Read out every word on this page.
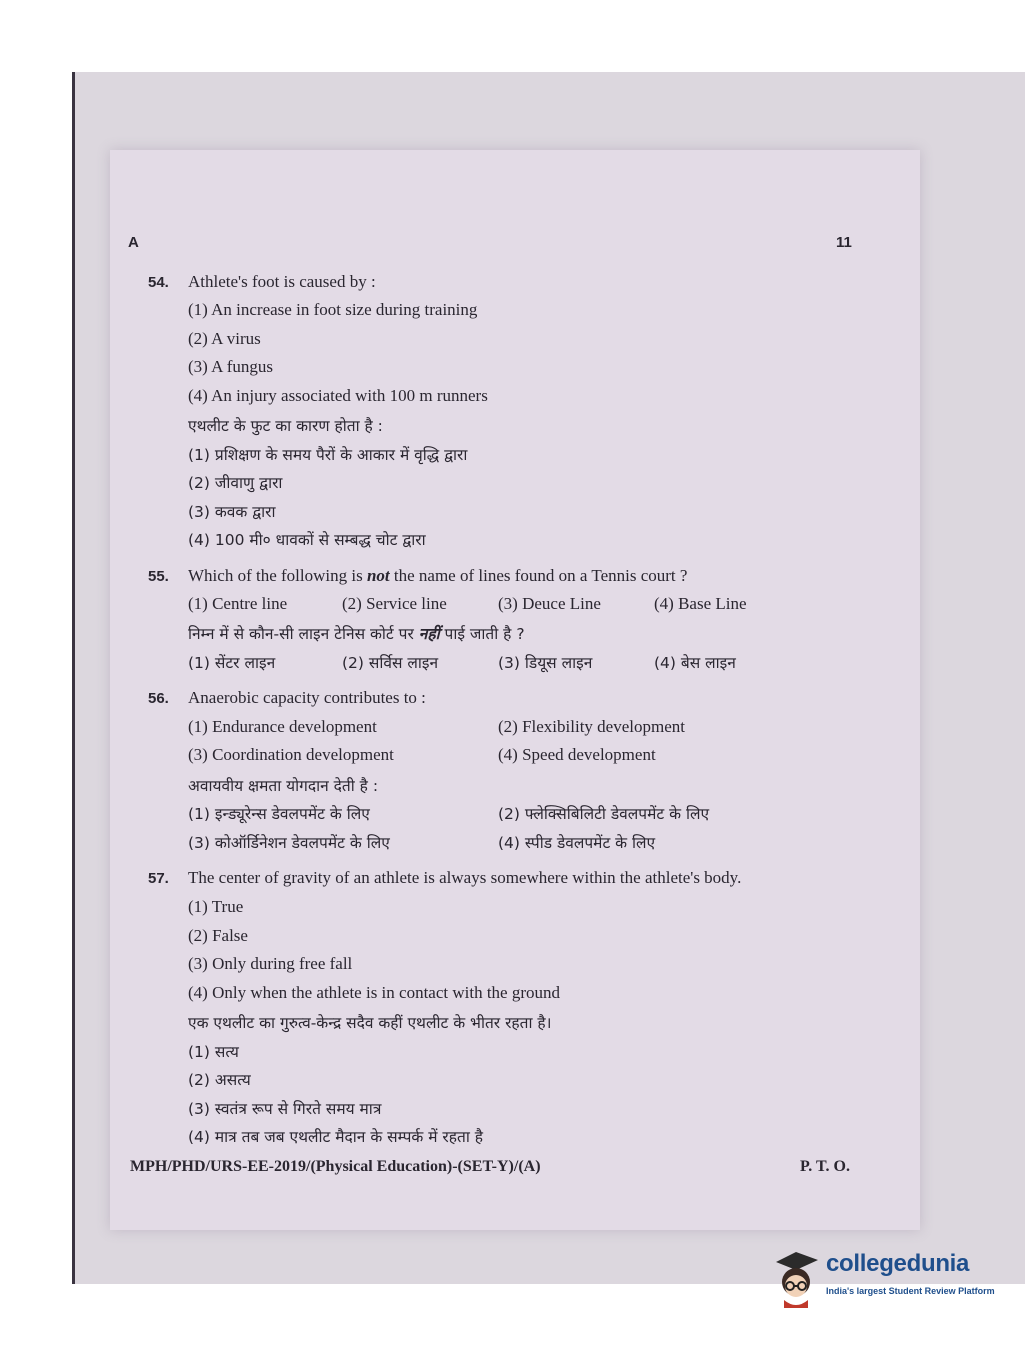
A	11
54. Athlete's foot is caused by :
(1) An increase in foot size during training
(2) A virus
(3) A fungus
(4) An injury associated with 100 m runners
एथलीट के फुट का कारण होता है :
(1) प्रशिक्षण के समय पैरों के आकार में वृद्धि द्वारा
(2) जीवाणु द्वारा
(3) कवक द्वारा
(4) 100 मी० धावकों से सम्बद्ध चोट द्वारा
55. Which of the following is not the name of lines found on a Tennis court ?
(1) Centre line	(2) Service line	(3) Deuce Line	(4) Base Line
निम्न में से कौन-सी लाइन टेनिस कोर्ट पर नहीं पाई जाती है ?
(1) सेंटर लाइन	(2) सर्विस लाइन	(3) डियूस लाइन	(4) बेस लाइन
56. Anaerobic capacity contributes to :
(1) Endurance development	(2) Flexibility development
(3) Coordination development	(4) Speed development
अवायवीय क्षमता योगदान देती है :
(1) इन्ड्यूरेन्स डेवलपमेंट के लिए	(2) फ्लेक्सिबिलिटी डेवलपमेंट के लिए
(3) कोऑर्डिनेशन डेवलपमेंट के लिए	(4) स्पीड डेवलपमेंट के लिए
57. The center of gravity of an athlete is always somewhere within the athlete's body.
(1) True
(2) False
(3) Only during free fall
(4) Only when the athlete is in contact with the ground
एक एथलीट का गुरुत्व-केन्द्र सदैव कहीं एथलीट के भीतर रहता है।
(1) सत्य
(2) असत्य
(3) स्वतंत्र रूप से गिरते समय मात्र
(4) मात्र तब जब एथलीट मैदान के सम्पर्क में रहता है
MPH/PHD/URS-EE-2019/(Physical Education)-(SET-Y)/(A)	P. T. O.
collegedunia
India's largest Student Review Platform
